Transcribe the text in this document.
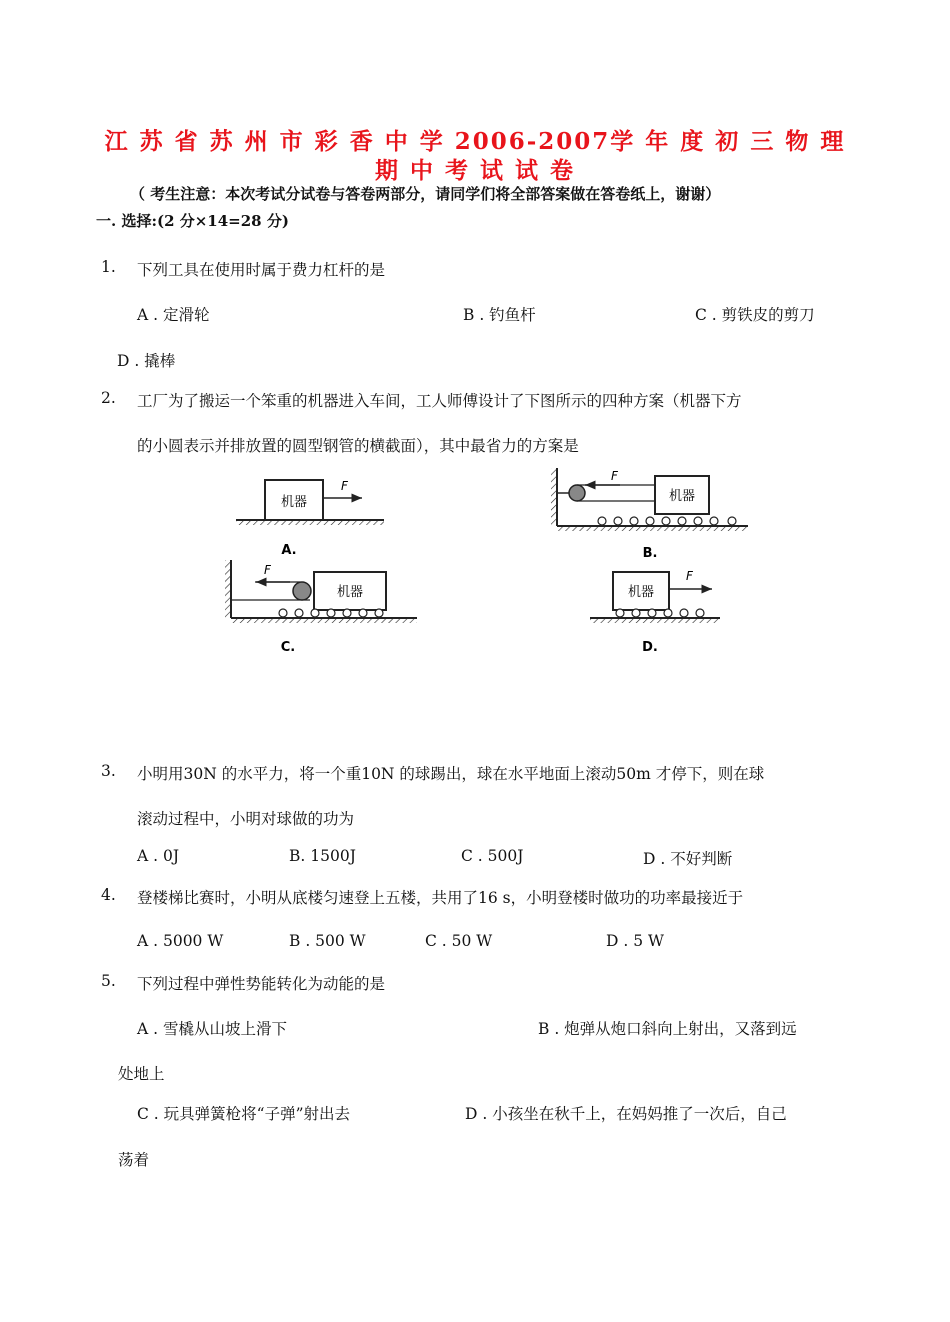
江 苏 省 苏 州 市 彩 香 中 学 2006-2007学 年 度 初 三 物 理
期 中 考 试 试 卷
（ 考生注意：本次考试分试卷与答卷两部分，请同学们将全部答案做在答卷纸上，谢谢）
一. 选择:(2 分×14=28 分)
1. 下列工具在使用时属于费力杠杆的是
A . 定滑轮	B . 钓鱼杆	C . 剪铁皮的剪刀
D . 撬棒
2. 工厂为了搬运一个笨重的机器进入车间，工人师傅设计了下图所示的四种方案（机器下方
的小圆表示并排放置的圆型钢管的横截面），其中最省力的方案是
机器
F
A.
F
机器
B.
F
机器
C.
机器
F
D.
3. 小明用30N 的水平力，将一个重10N 的球踢出，球在水平地面上滚动50m 才停下，则在球
滚动过程中，小明对球做的功为
A . 0J	B. 1500J	C . 500J	D . 不好判断
4. 登楼梯比赛时，小明从底楼匀速登上五楼，共用了16 s，小明登楼时做功的功率最接近于
A . 5000 W	B . 500 W	C . 50 W	D . 5 W
5. 下列过程中弹性势能转化为动能的是
A . 雪橇从山坡上滑下	B . 炮弹从炮口斜向上射出，又落到远
处地上
C . 玩具弹簧枪将“子弹”射出去	D . 小孩坐在秋千上，在妈妈推了一次后，自己
荡着
